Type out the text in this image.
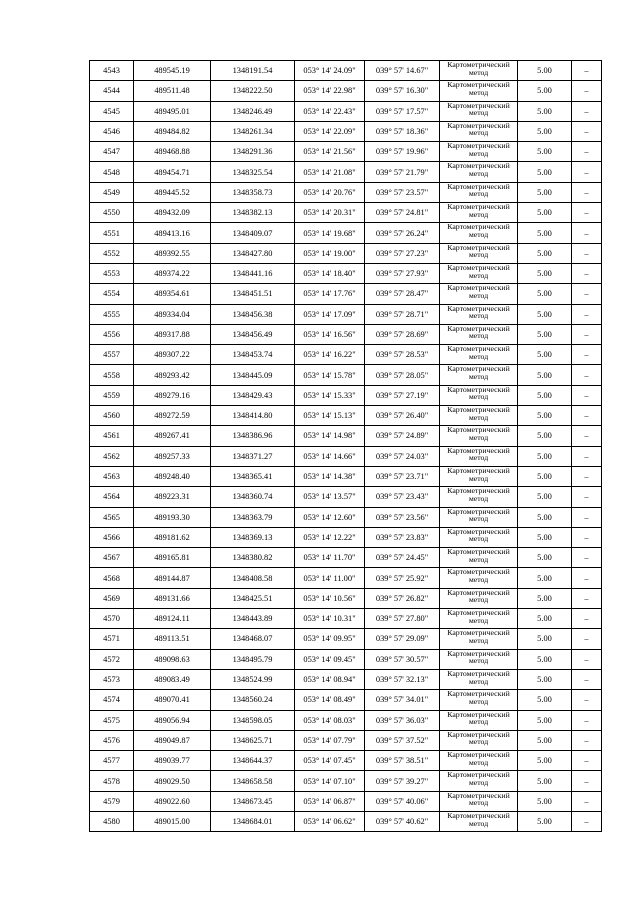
4543	489545.19	1348191.54	053° 14' 24.09"	039° 57' 14.67"	Картометрический метод	5.00	–
4544	489511.48	1348222.50	053° 14' 22.98"	039° 57' 16.30"	Картометрический метод	5.00	–
4545	489495.01	1348246.49	053° 14' 22.43"	039° 57' 17.57"	Картометрический метод	5.00	–
4546	489484.82	1348261.34	053° 14' 22.09"	039° 57' 18.36"	Картометрический метод	5.00	–
4547	489468.88	1348291.36	053° 14' 21.56"	039° 57' 19.96"	Картометрический метод	5.00	–
4548	489454.71	1348325.54	053° 14' 21.08"	039° 57' 21.79"	Картометрический метод	5.00	–
4549	489445.52	1348358.73	053° 14' 20.76"	039° 57' 23.57"	Картометрический метод	5.00	–
4550	489432.09	1348382.13	053° 14' 20.31"	039° 57' 24.81"	Картометрический метод	5.00	–
4551	489413.16	1348409.07	053° 14' 19.68"	039° 57' 26.24"	Картометрический метод	5.00	–
4552	489392.55	1348427.80	053° 14' 19.00"	039° 57' 27.23"	Картометрический метод	5.00	–
4553	489374.22	1348441.16	053° 14' 18.40"	039° 57' 27.93"	Картометрический метод	5.00	–
4554	489354.61	1348451.51	053° 14' 17.76"	039° 57' 28.47"	Картометрический метод	5.00	–
4555	489334.04	1348456.38	053° 14' 17.09"	039° 57' 28.71"	Картометрический метод	5.00	–
4556	489317.88	1348456.49	053° 14' 16.56"	039° 57' 28.69"	Картометрический метод	5.00	–
4557	489307.22	1348453.74	053° 14' 16.22"	039° 57' 28.53"	Картометрический метод	5.00	–
4558	489293.42	1348445.09	053° 14' 15.78"	039° 57' 28.05"	Картометрический метод	5.00	–
4559	489279.16	1348429.43	053° 14' 15.33"	039° 57' 27.19"	Картометрический метод	5.00	–
4560	489272.59	1348414.80	053° 14' 15.13"	039° 57' 26.40"	Картометрический метод	5.00	–
4561	489267.41	1348386.96	053° 14' 14.98"	039° 57' 24.89"	Картометрический метод	5.00	–
4562	489257.33	1348371.27	053° 14' 14.66"	039° 57' 24.03"	Картометрический метод	5.00	–
4563	489248.40	1348365.41	053° 14' 14.38"	039° 57' 23.71"	Картометрический метод	5.00	–
4564	489223.31	1348360.74	053° 14' 13.57"	039° 57' 23.43"	Картометрический метод	5.00	–
4565	489193.30	1348363.79	053° 14' 12.60"	039° 57' 23.56"	Картометрический метод	5.00	–
4566	489181.62	1348369.13	053° 14' 12.22"	039° 57' 23.83"	Картометрический метод	5.00	–
4567	489165.81	1348380.82	053° 14' 11.70"	039° 57' 24.45"	Картометрический метод	5.00	–
4568	489144.87	1348408.58	053° 14' 11.00"	039° 57' 25.92"	Картометрический метод	5.00	–
4569	489131.66	1348425.51	053° 14' 10.56"	039° 57' 26.82"	Картометрический метод	5.00	–
4570	489124.11	1348443.89	053° 14' 10.31"	039° 57' 27.80"	Картометрический метод	5.00	–
4571	489113.51	1348468.07	053° 14' 09.95"	039° 57' 29.09"	Картометрический метод	5.00	–
4572	489098.63	1348495.79	053° 14' 09.45"	039° 57' 30.57"	Картометрический метод	5.00	–
4573	489083.49	1348524.99	053° 14' 08.94"	039° 57' 32.13"	Картометрический метод	5.00	–
4574	489070.41	1348560.24	053° 14' 08.49"	039° 57' 34.01"	Картометрический метод	5.00	–
4575	489056.94	1348598.05	053° 14' 08.03"	039° 57' 36.03"	Картометрический метод	5.00	–
4576	489049.87	1348625.71	053° 14' 07.79"	039° 57' 37.52"	Картометрический метод	5.00	–
4577	489039.77	1348644.37	053° 14' 07.45"	039° 57' 38.51"	Картометрический метод	5.00	–
4578	489029.50	1348658.58	053° 14' 07.10"	039° 57' 39.27"	Картометрический метод	5.00	–
4579	489022.60	1348673.45	053° 14' 06.87"	039° 57' 40.06"	Картометрический метод	5.00	–
4580	489015.00	1348684.01	053° 14' 06.62"	039° 57' 40.62"	Картометрический метод	5.00	–
